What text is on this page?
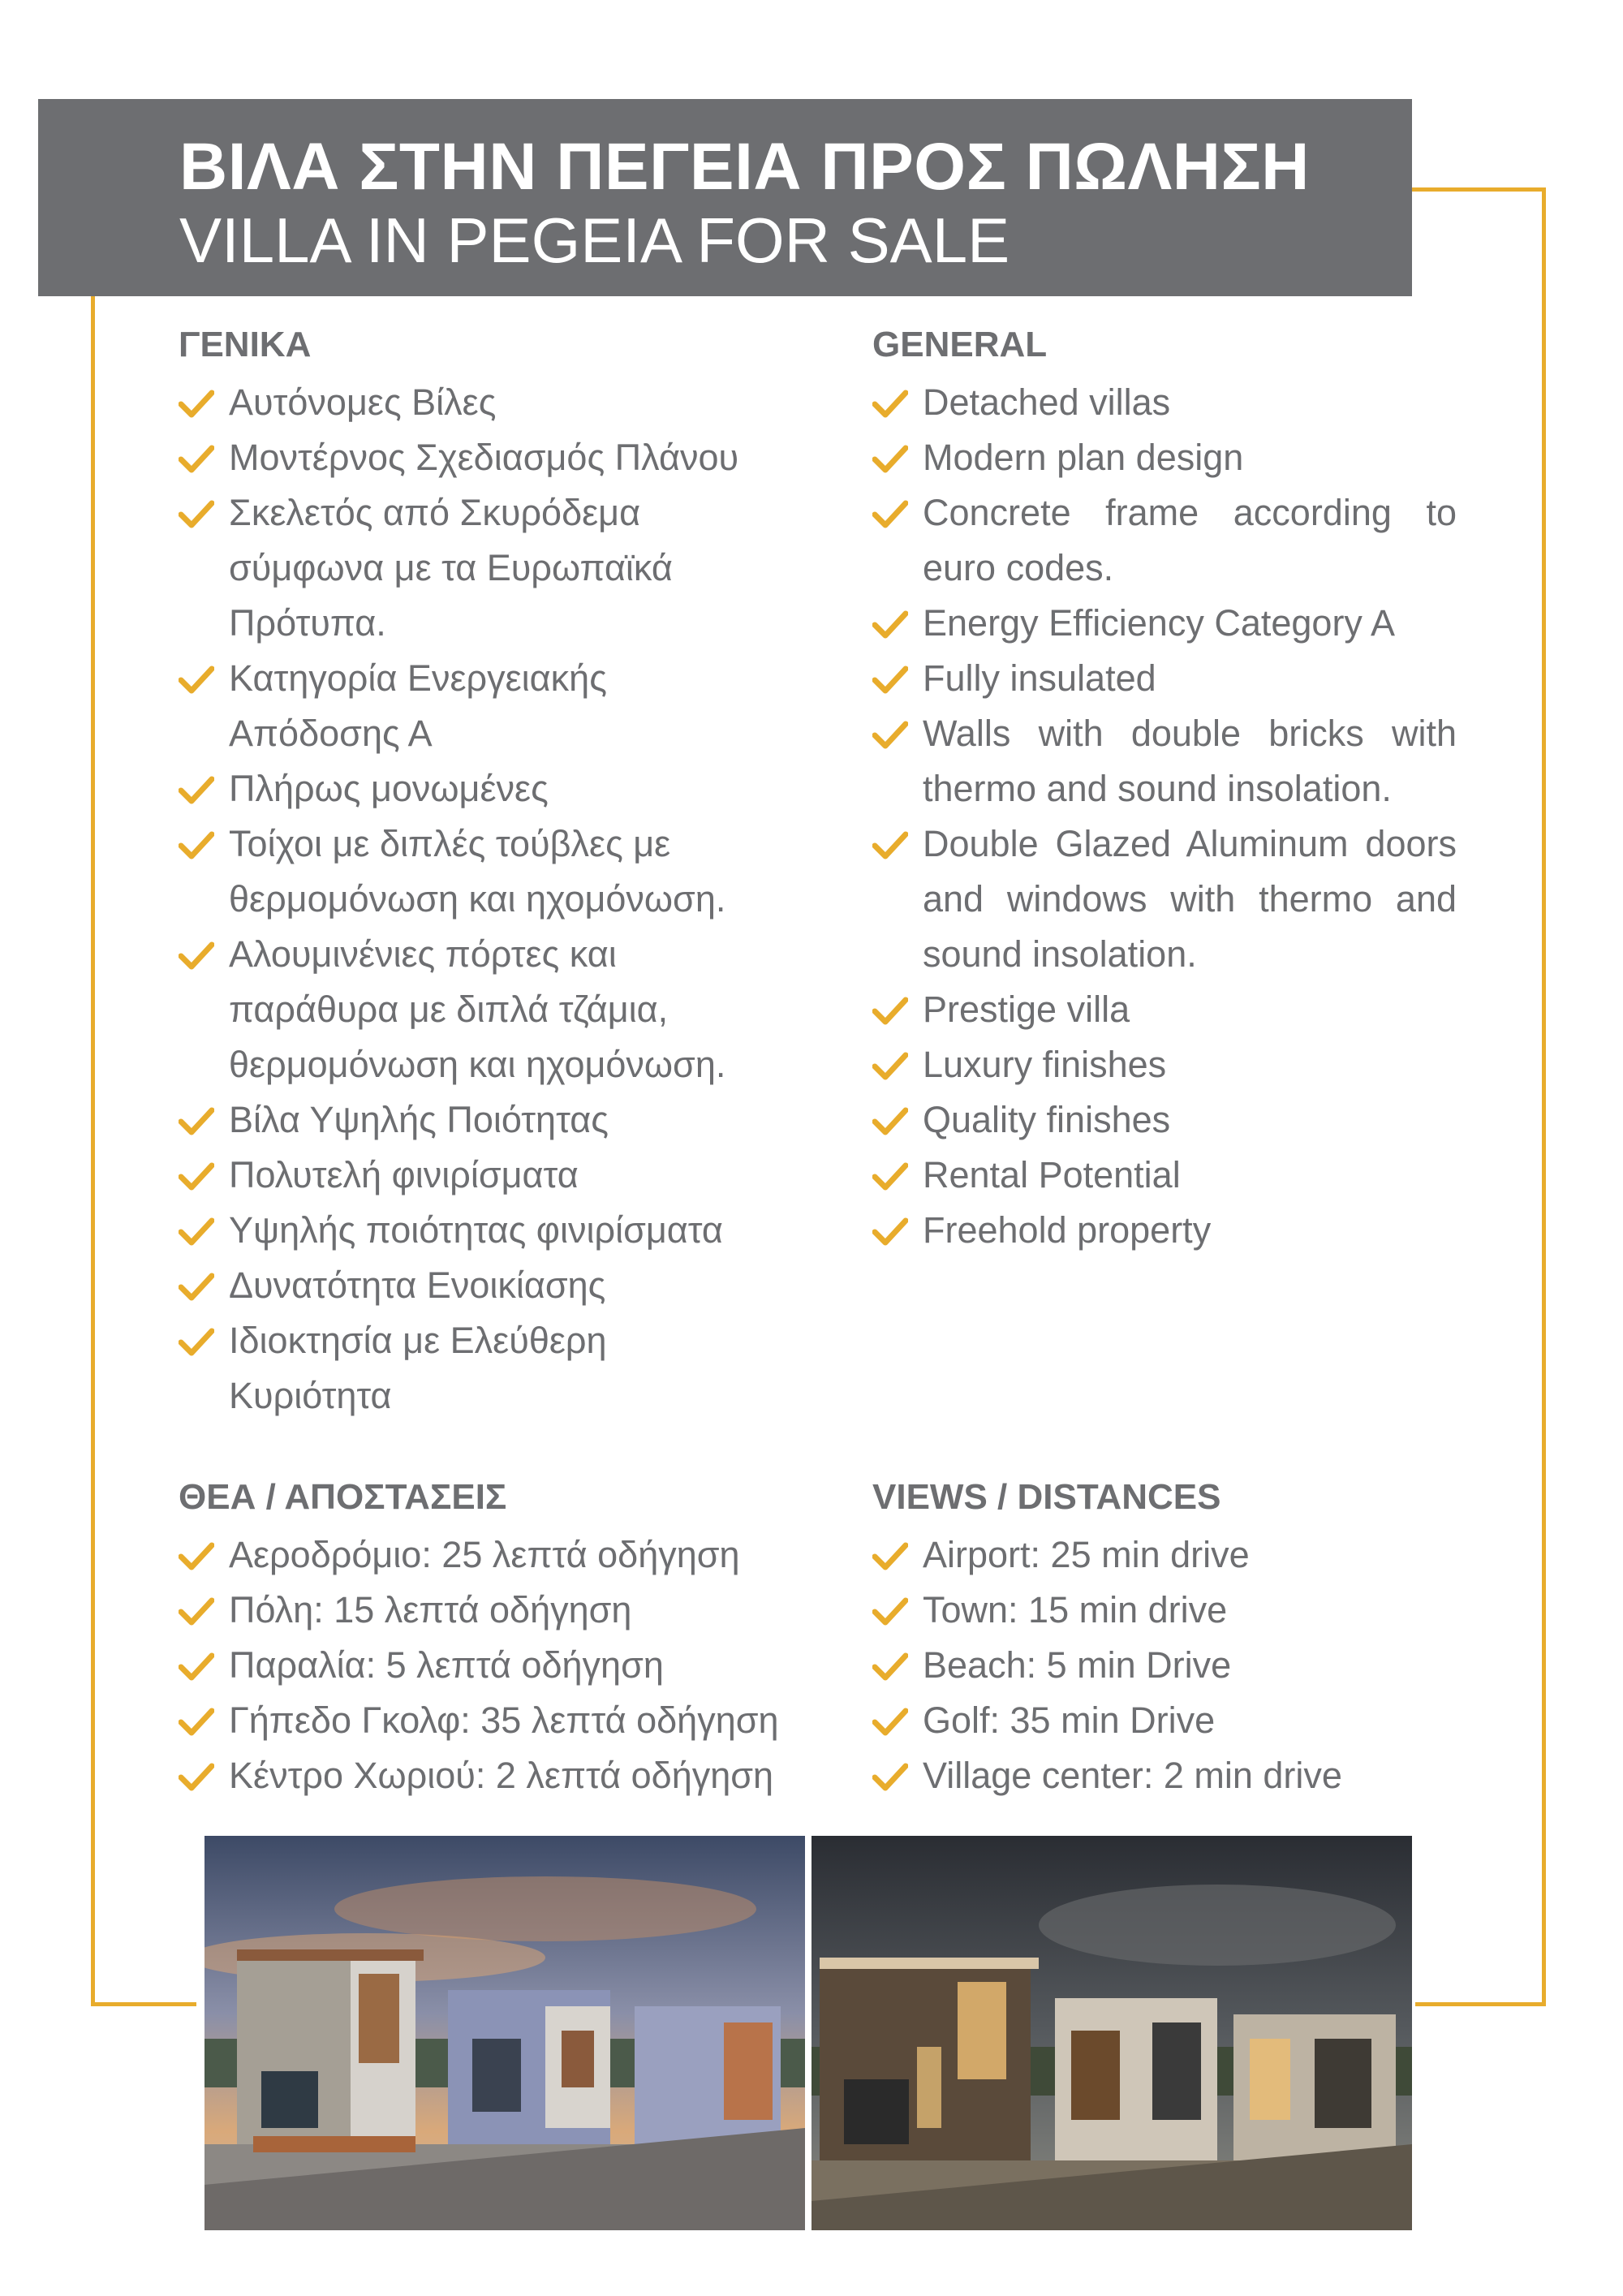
ΒΙΛΑ ΣΤΗΝ ΠΕΓΕΙΑ ΠΡΟΣ ΠΩΛΗΣΗ
VILLA IN PEGEIA FOR SALE
ΓΕΝΙΚΑ
Αυτόνομες Βίλες
Μοντέρνος Σχεδιασμός Πλάνου
Σκελετός από Σκυρόδεμα σύμφωνα με τα Ευρωπαϊκά Πρότυπα.
Κατηγορία Ενεργειακής Απόδοσης Α
Πλήρως μονωμένες
Τοίχοι με διπλές τούβλες με θερμομόνωση και ηχομόνωση.
Αλουμινένιες πόρτες και παράθυρα με διπλά τζάμια, θερμομόνωση και ηχομόνωση.
Βίλα Υψηλής Ποιότητας
Πολυτελή φινιρίσματα
Υψηλής ποιότητας φινιρίσματα
Δυνατότητα Ενοικίασης
Ιδιοκτησία με Ελεύθερη Κυριότητα
GENERAL
Detached villas
Modern plan design
Concrete frame according to euro codes.
Energy Efficiency Category A
Fully insulated
Walls with double bricks with thermo and sound insolation.
Double Glazed Aluminum doors and windows with thermo and sound insolation.
Prestige villa
Luxury finishes
Quality finishes
Rental Potential
Freehold property
ΘΕΑ / ΑΠΟΣΤΑΣΕΙΣ
Αεροδρόμιο: 25 λεπτά οδήγηση
Πόλη: 15 λεπτά οδήγηση
Παραλία: 5 λεπτά οδήγηση
Γήπεδο Γκολφ: 35 λεπτά οδήγηση
Κέντρο Χωριού: 2 λεπτά οδήγηση
VIEWS / DISTANCES
Airport: 25 min drive
Town: 15 min drive
Beach: 5 min Drive
Golf: 35 min Drive
Village center: 2 min drive
